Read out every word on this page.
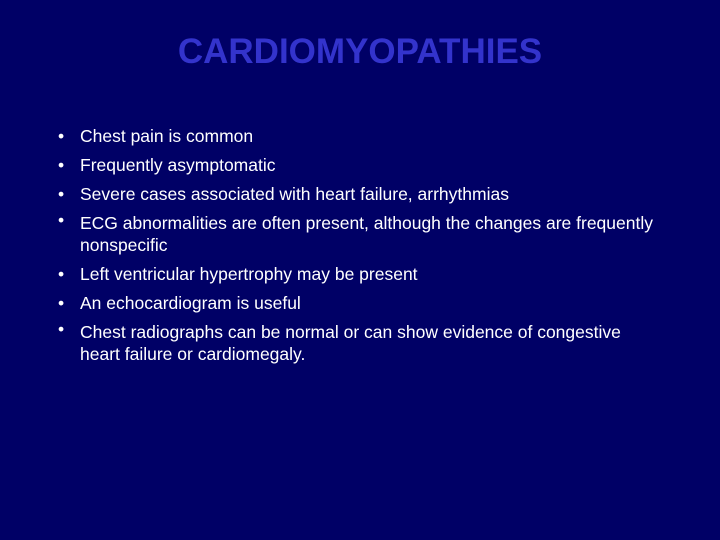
CARDIOMYOPATHIES
• Chest pain is common
• Frequently asymptomatic
• Severe cases associated with heart failure, arrhythmias
• ECG abnormalities are often present, although the changes are frequently nonspecific
• Left ventricular hypertrophy may be present
• An echocardiogram is useful
• Chest radiographs can be normal or can show evidence of congestive heart failure or cardiomegaly.
